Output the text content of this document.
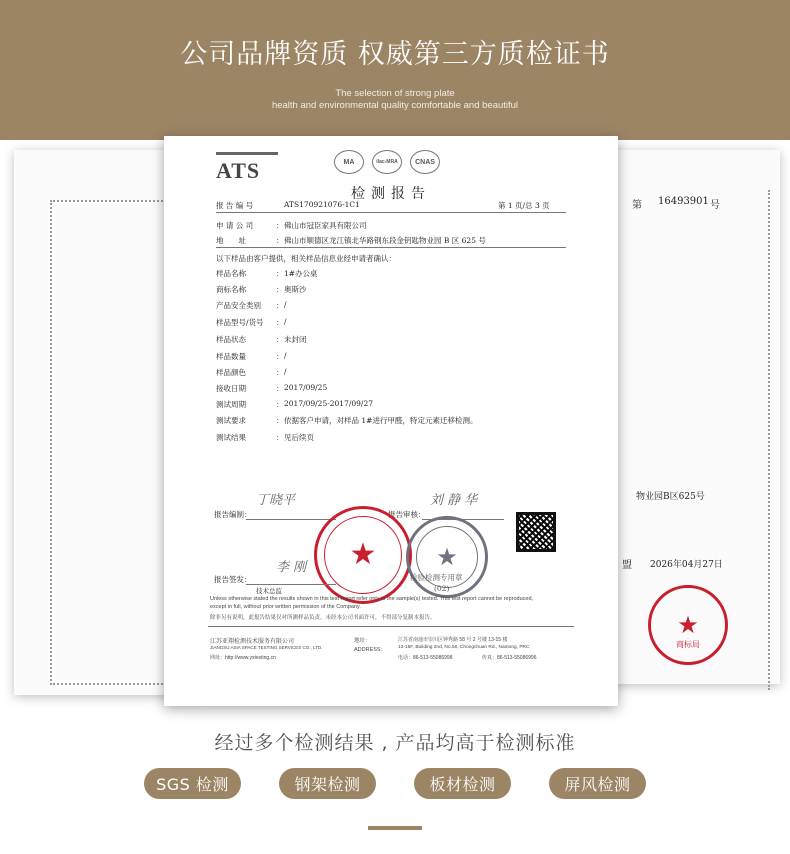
公司品牌资质 权威第三方质检证书
The selection of strong plate
health and environmental quality comfortable and beautiful
第 16493901 号
物业园B区625号
盟 2026年04月27日
★
商标局
ATS	MA	ilac-MRA	CNAS
检测报告
报 告 编 号	ATS170921076-1C1	第 1 页/总 3 页
申 请 公 司	： 佛山市冠臣家具有限公司
地　　址	： 佛山市顺德区龙江镇北华路钢东段金钥匙物业园 B 区 625 号
以下样品由客户提供，相关样品信息业经申请者确认：
样品名称	： 1#办公桌
商标名称	： 奥斯沙
产品安全类别 ： /
样品型号/货号 ： /
样品状态	： 未封闭
样品数量	： /
样品颜色	： /
接收日期	： 2017/09/25
测试周期	： 2017/09/25-2017/09/27
测试要求	： 依据客户申请，对样品 1#进行甲醛，特定元素迁移检测。
测试结果	： 见后续页
丁晓平
报告编制：
刘 静 华
报告审核：
★ ★
检验检测专用章
(02)
李 刚
报告签发：
技术总监
Unless otherwise stated the results shown in this test report refer only to the sample(s) tested. This test report cannot be reproduced,
except in full, without prior written permission of the Company.
除非另有说明，此报告结果仅对所测样品负责。未经本公司书面许可，不得部分复制本报告。
江苏亚翔检测技术服务有限公司
JIANGSU ASIA SPACE TESTING SERVICES CO., LTD.
网址：http://www.yxtesting.cn
地址：
ADDRESS：
江苏省南通市崇川区钟秀路 58 号 2 号楼 13-15 楼
13-15F, Building 2nd, No.58, Chongchuan Rd., Nantong, PRC
电话：86-513-55086998	传真：86-513-55086996
经过多个检测结果 , 产品均高于检测标准
SGS 检测	钢架检测	板材检测	屏风检测
